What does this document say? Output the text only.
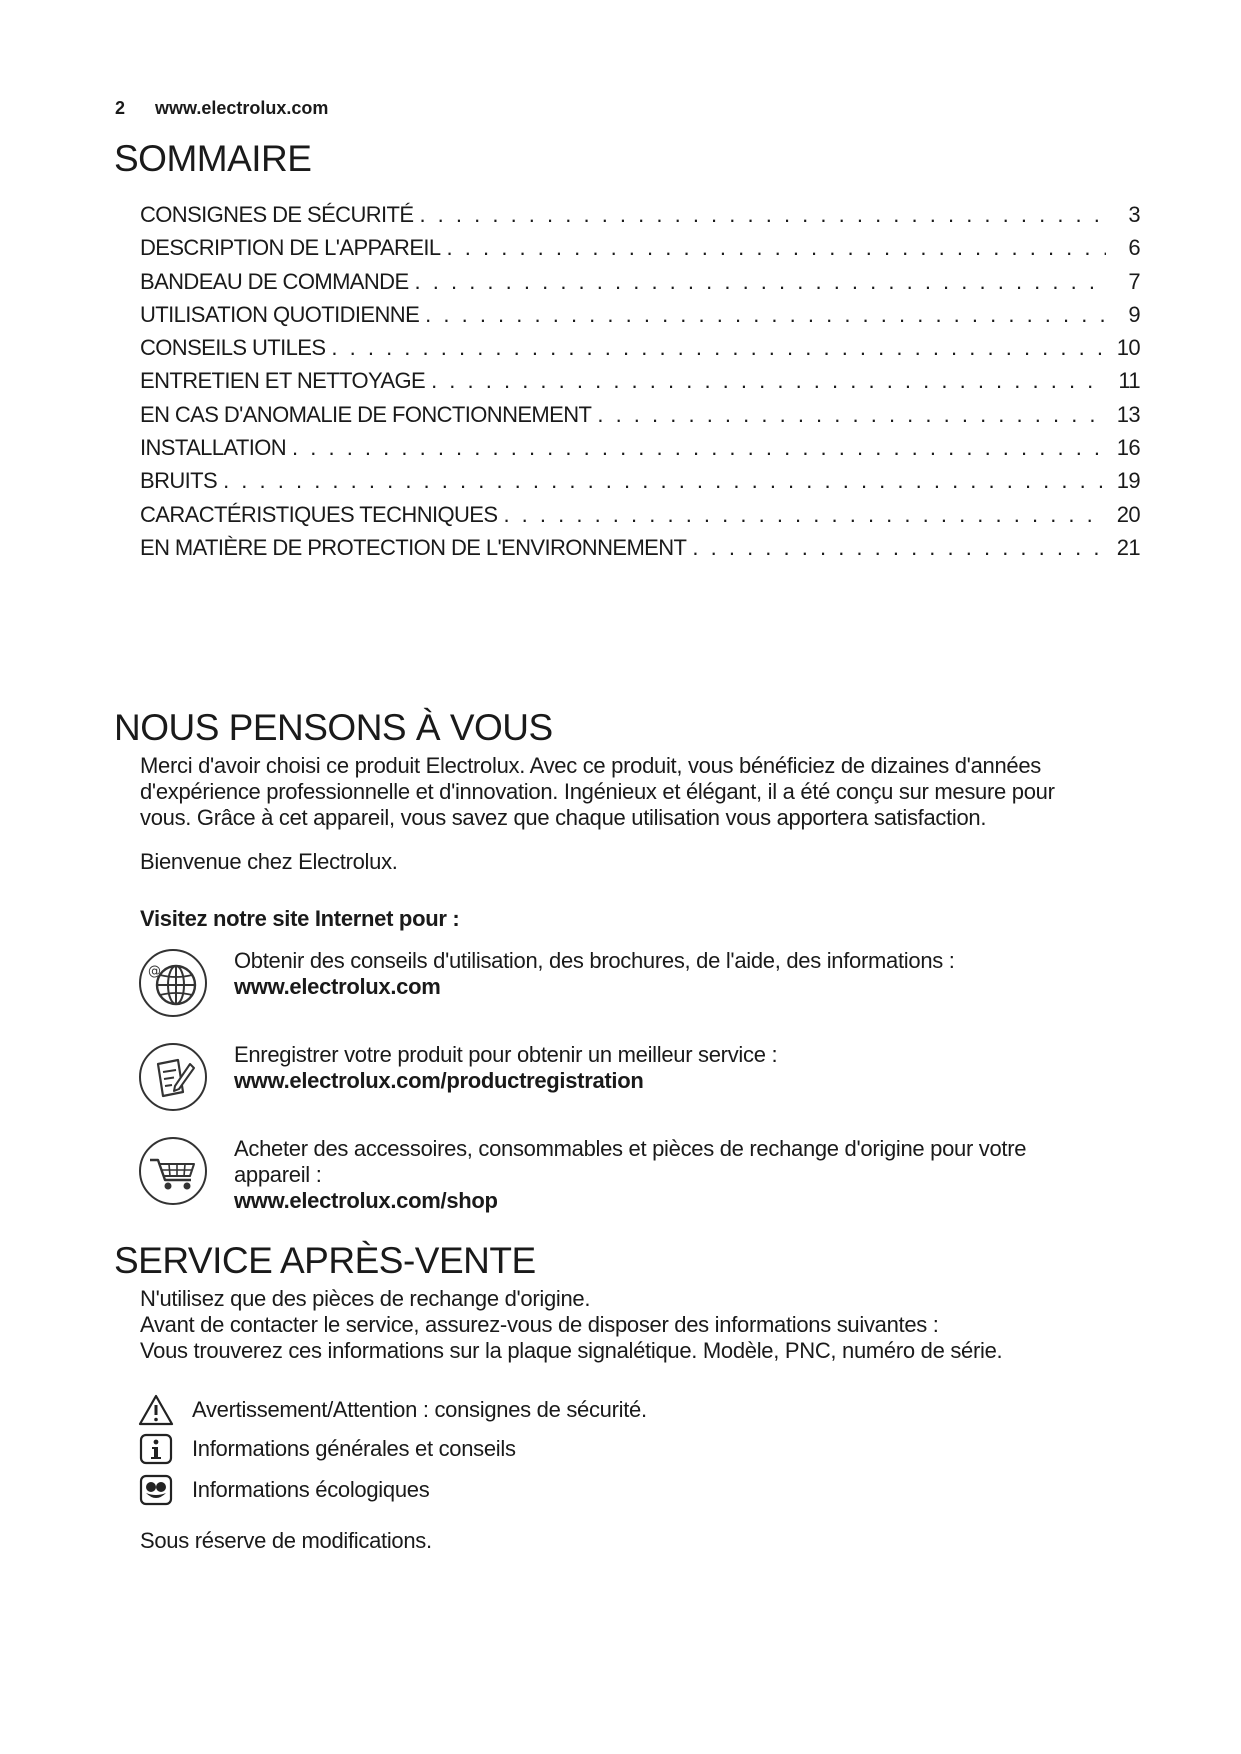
2 www.electrolux.com
SOMMAIRE
CONSIGNES DE SÉCURITÉ . . .	3
DESCRIPTION DE L'APPAREIL . . .	6
BANDEAU DE COMMANDE . . .	7
UTILISATION QUOTIDIENNE . . .	9
CONSEILS UTILES . . .	10
ENTRETIEN ET NETTOYAGE . . .	11
EN CAS D'ANOMALIE DE FONCTIONNEMENT . . .	13
INSTALLATION . . .	16
BRUITS . . .	19
CARACTÉRISTIQUES TECHNIQUES . . .	20
EN MATIÈRE DE PROTECTION DE L'ENVIRONNEMENT . . .	21
NOUS PENSONS À VOUS

Merci d'avoir choisi ce produit Electrolux. Avec ce produit, vous bénéficiez de dizaines d'années d'expérience professionnelle et d'innovation. Ingénieux et élégant, il a été conçu sur mesure pour vous. Grâce à cet appareil, vous savez que chaque utilisation vous apportera satisfaction.

Bienvenue chez Electrolux.

Visitez notre site Internet pour :

@	Obtenir des conseils d'utilisation, des brochures, de l'aide, des informations :
www.electrolux.com
Enregistrer votre produit pour obtenir un meilleur service :
www.electrolux.com/productregistration
Acheter des accessoires, consommables et pièces de rechange d'origine pour votre appareil :
www.electrolux.com/shop
SERVICE APRÈS-VENTE

N'utilisez que des pièces de rechange d'origine.

Avant de contacter le service, assurez-vous de disposer des informations suivantes :

Vous trouverez ces informations sur la plaque signalétique. Modèle, PNC, numéro de série.

Avertissement/Attention : consignes de sécurité.
Informations générales et conseils
Informations écologiques

Sous réserve de modifications.
